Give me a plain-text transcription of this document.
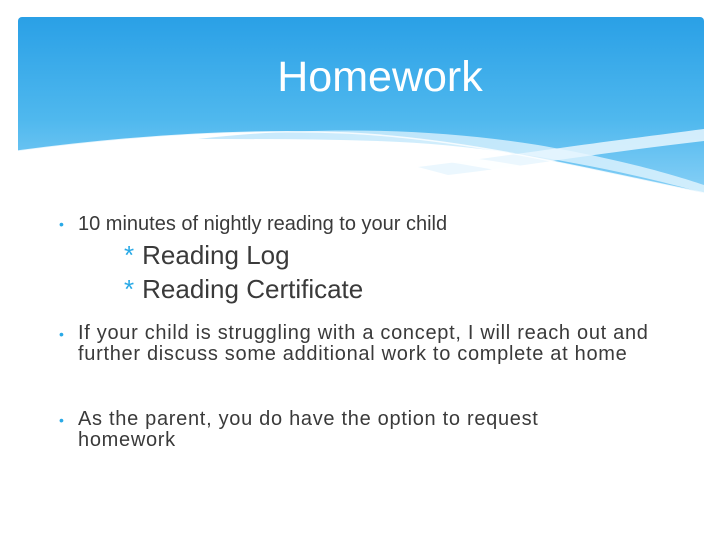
Homework
• 10 minutes of nightly reading to your child
* Reading Log
* Reading Certificate
• If your child is struggling with a concept, I will reach out and further discuss some additional work to complete at home
• As the parent, you do have the option to request homework
